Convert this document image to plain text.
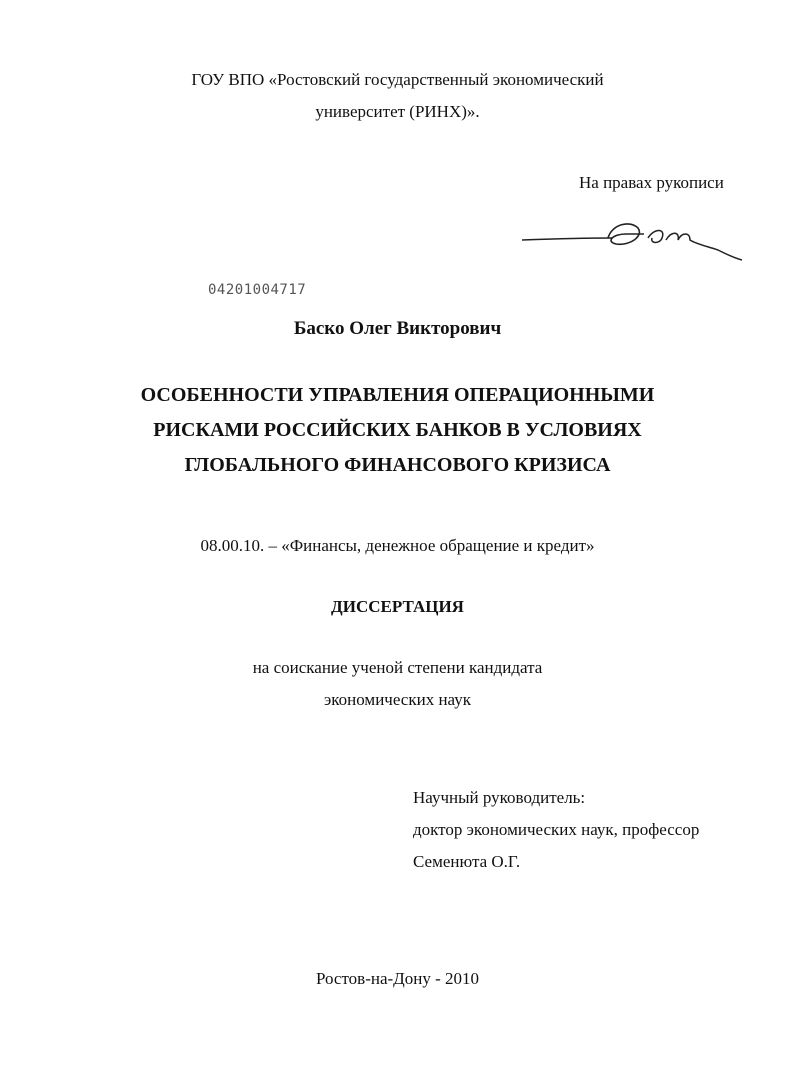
ГОУ ВПО «Ростовский государственный экономический
университет (РИНХ)».
На правах рукописи
04201004717
Баско Олег Викторович
ОСОБЕННОСТИ УПРАВЛЕНИЯ ОПЕРАЦИОННЫМИ
РИСКАМИ РОССИЙСКИХ БАНКОВ В УСЛОВИЯХ
ГЛОБАЛЬНОГО ФИНАНСОВОГО КРИЗИСА
08.00.10. – «Финансы, денежное обращение и кредит»
ДИССЕРТАЦИЯ
на соискание ученой степени кандидата
экономических наук
Научный руководитель:
доктор экономических наук, профессор
Семенюта О.Г.
Ростов-на-Дону - 2010
